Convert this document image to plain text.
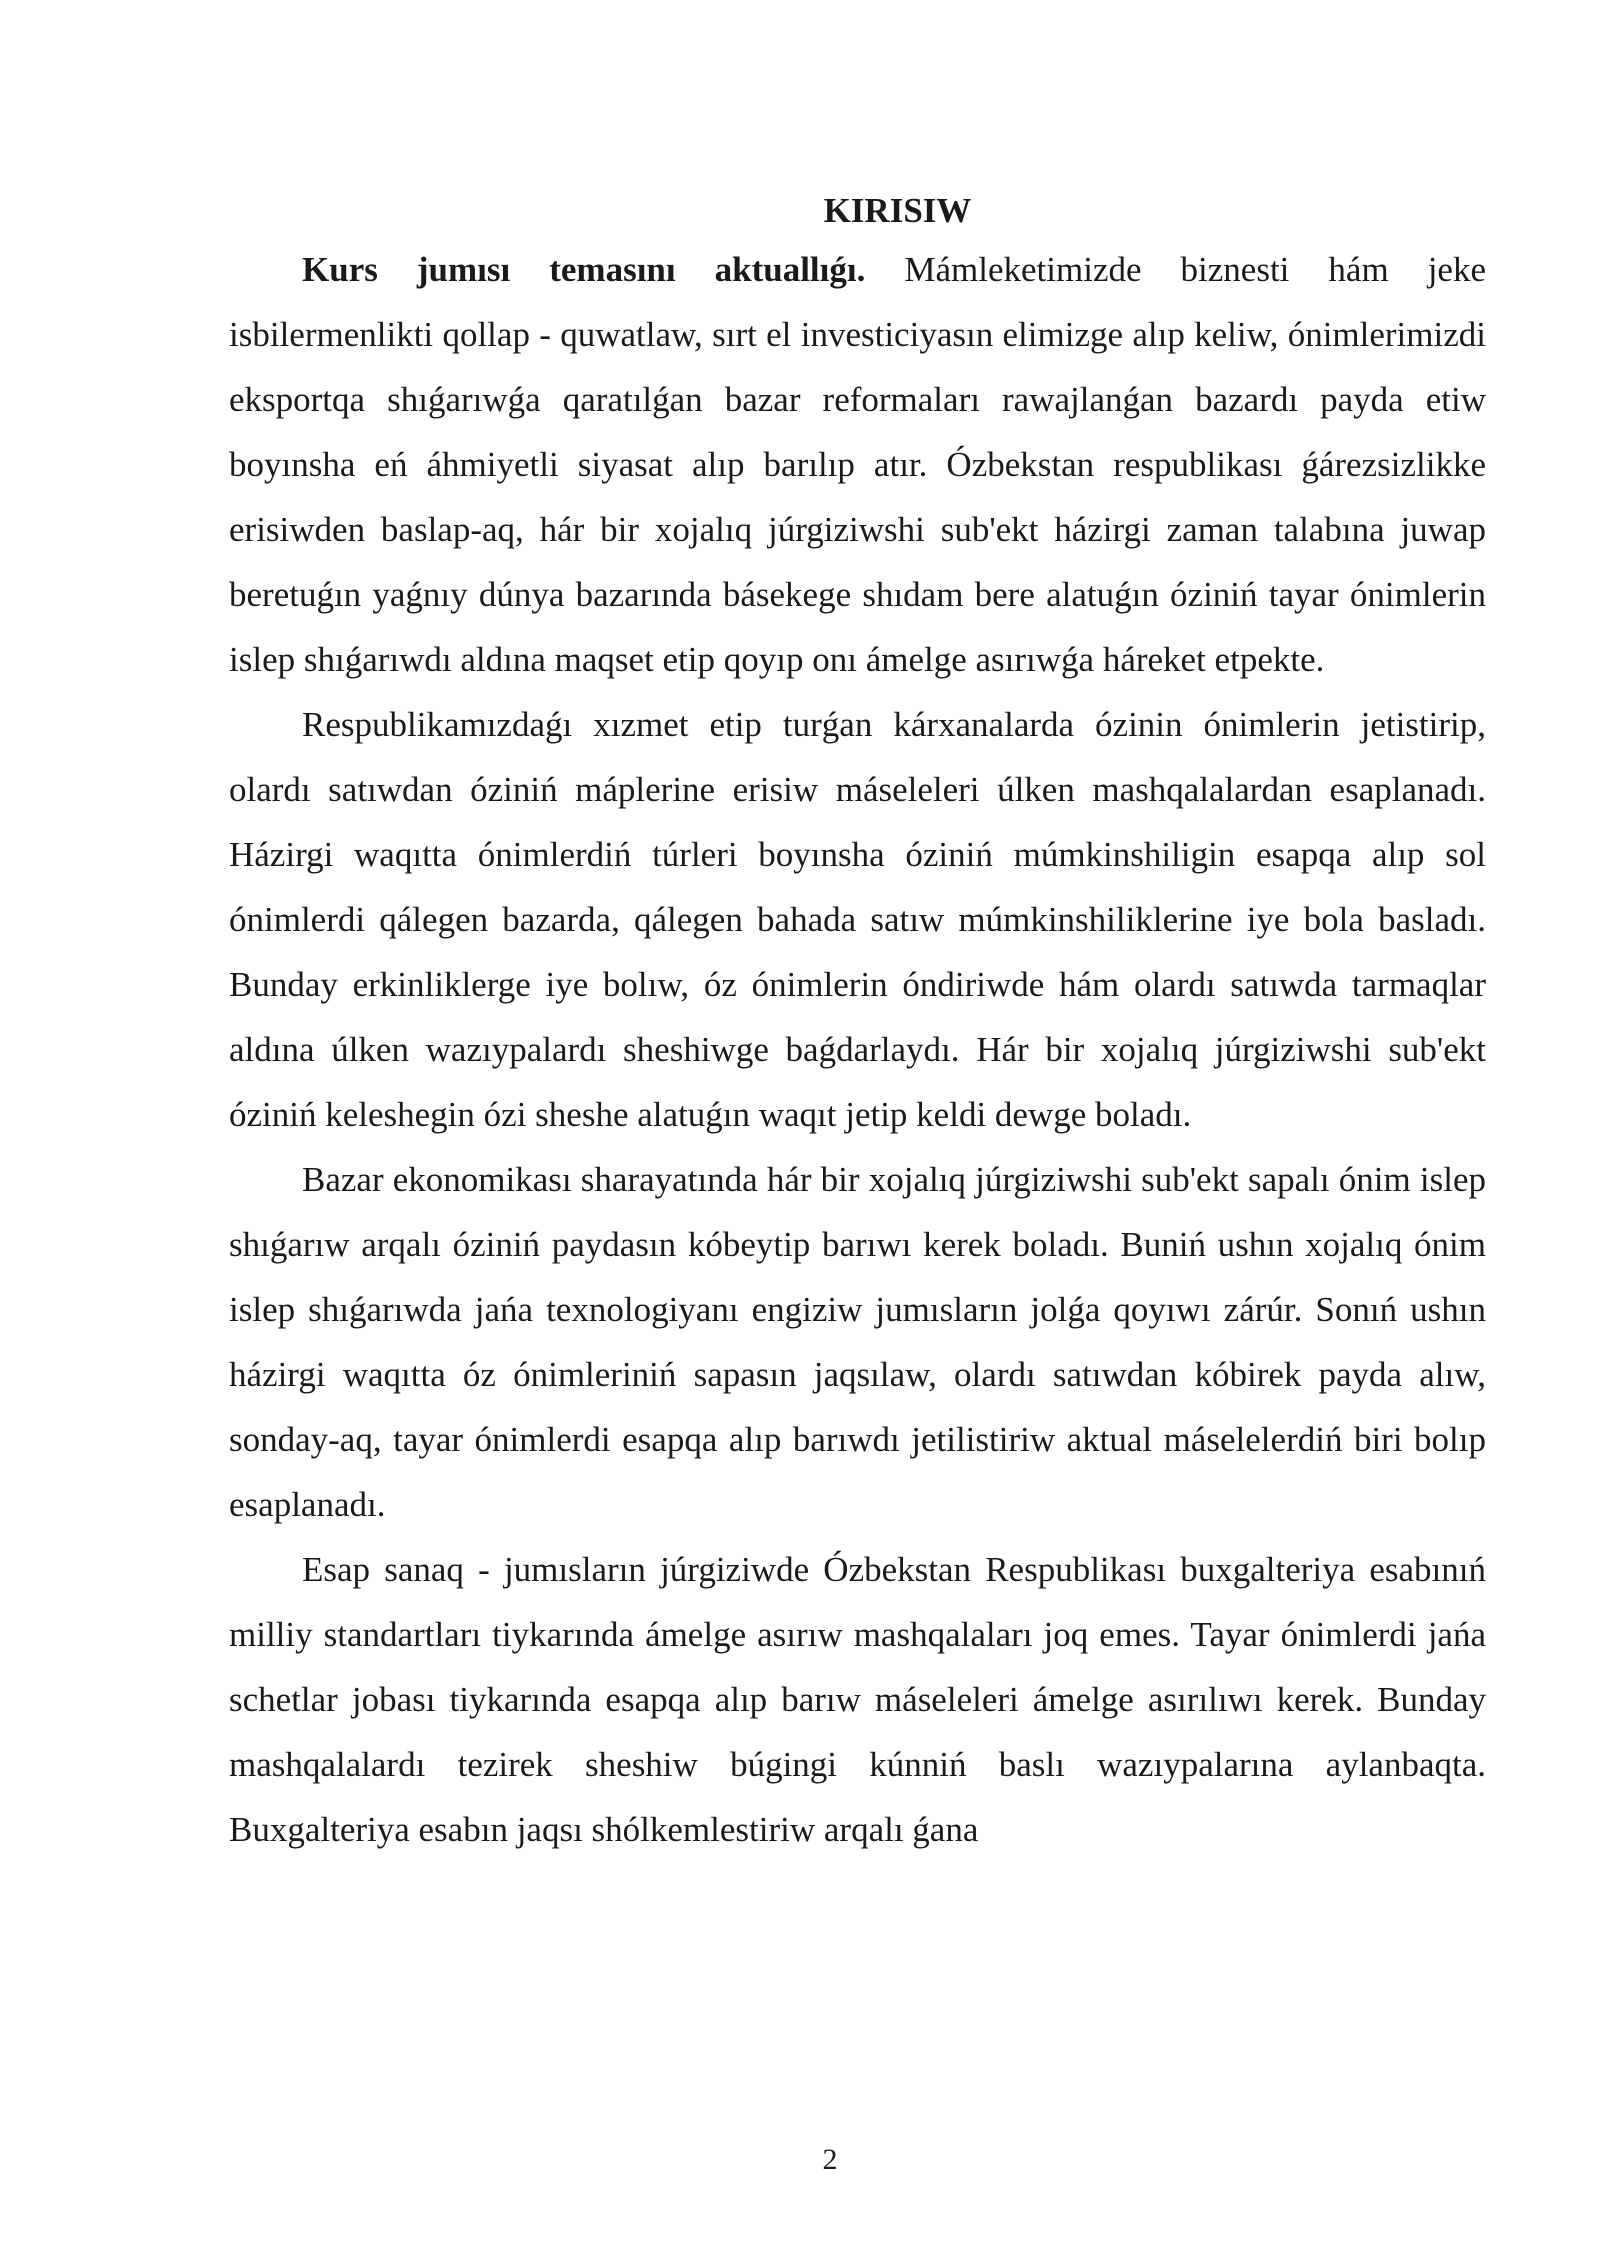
KIRISIW

Kurs jumısı temasını aktuallıǵı. Mámleketimizde biznesti hám jeke isbilermenlikti qollap - quwatlaw, sırt el investiciyasın elimizge alıp keliw, ónimlerimizdi eksportqa shıǵarıwǵa qaratılǵan bazar reformaları rawajlanǵan bazardı payda etiw boyınsha eń áhmiyetli siyasat alıp barılıp atır. Ózbekstan respublikası ǵárezsizlikke erisiwden baslap-aq, hár bir xojalıq júrgiziwshi sub'ekt házirgi zaman talabına juwap beretuǵın yaǵnıy dúnya bazarında básekege shıdam bere alatuǵın óziniń tayar ónimlerin islep shıǵarıwdı aldına maqset etip qoyıp onı ámelge asırıwǵa háreket etpekte.

Respublikamızdaǵı xızmet etip turǵan kárxanalarda ózinin ónimlerin jetistirip, olardı satıwdan óziniń máplerine erisiw máseleleri úlken mashqalalardan esaplanadı. Házirgi waqıtta ónimlerdiń túrleri boyınsha óziniń múmkinshiligin esapqa alıp sol ónimlerdi qálegen bazarda, qálegen bahada satıw múmkinshiliklerine iye bola basladı. Bunday erkinliklerge iye bolıw, óz ónimlerin óndiriwde hám olardı satıwda tarmaqlar aldına úlken wazıypalardı sheshiwge baǵdarlaydı. Hár bir xojalıq júrgiziwshi sub'ekt óziniń keleshegin ózi sheshe alatuǵın waqıt jetip keldi dewge boladı.

Bazar ekonomikası sharayatında hár bir xojalıq júrgiziwshi sub'ekt sapalı ónim islep shıǵarıw arqalı óziniń paydasın kóbeytip barıwı kerek boladı. Buniń ushın xojalıq ónim islep shıǵarıwda jańa texnologiyanı engiziw jumısların jolǵa qoyıwı zárúr. Sonıń ushın házirgi waqıtta óz ónimleriniń sapasın jaqsılaw, olardı satıwdan kóbirek payda alıw, sonday-aq, tayar ónimlerdi esapqa alıp barıwdı jetilistiriw aktual máselelerdiń biri bolıp esaplanadı.

Esap sanaq - jumısların júrgiziwde Ózbekstan Respublikası buxgalteriya esabınıń milliy standartları tiykarında ámelge asırıw mashqalaları joq emes. Tayar ónimlerdi jańa schetlar jobası tiykarında esapqa alıp barıw máseleleri ámelge asırılıwı kerek. Bunday mashqalalardı tezirek sheshiw búgingi kúnniń baslı wazıypalarına aylanbaqta. Buxgalteriya esabın jaqsı shólkemlestiriw arqalı ǵana

2
